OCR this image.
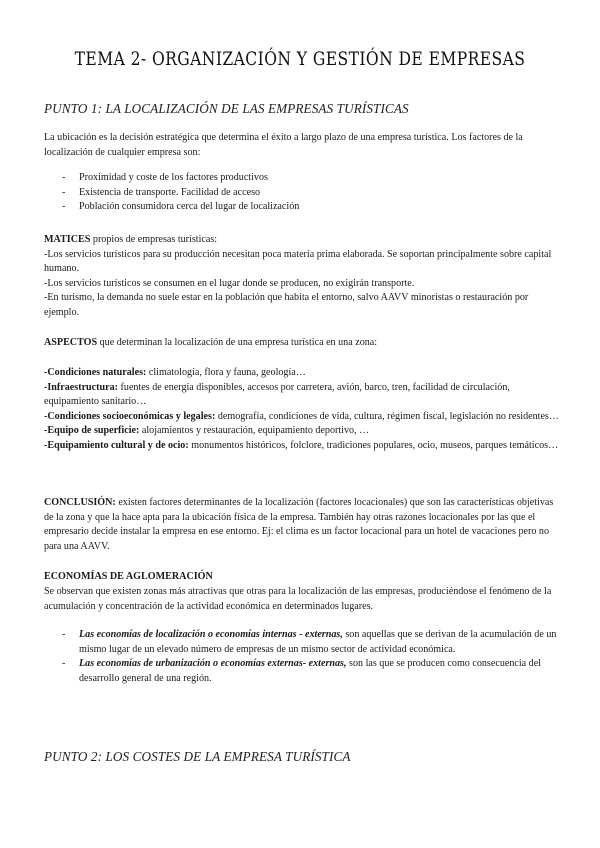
TEMA 2- ORGANIZACIÓN Y GESTIÓN DE EMPRESAS
PUNTO 1: LA LOCALIZACIÓN DE LAS EMPRESAS TURÍSTICAS

La ubicación es la decisión estratégica que determina el éxito a largo plazo de una empresa turística. Los factores de la localización de cualquier empresa son:

- Proximidad y coste de los factores productivos
- Existencia de transporte. Facilidad de acceso
- Población consumidora cerca del lugar de localización
MATICES propios de empresas turísticas:
-Los servicios turísticos para su producción necesitan poca materia prima elaborada. Se soportan principalmente sobre capital humano.
-Los servicios turísticos se consumen en el lugar donde se producen, no exigirán transporte.
-En turismo, la demanda no suele estar en la población que habita el entorno, salvo AAVV minoristas o restauración por ejemplo.

ASPECTOS que determinan la localización de una empresa turística en una zona:

-Condiciones naturales: climatología, flora y fauna, geología…
-Infraestructura: fuentes de energía disponibles, accesos por carretera, avión, barco, tren, facilidad de circulación, equipamiento sanitario…
-Condiciones socioeconómicas y legales: demografía, condiciones de vida, cultura, régimen fiscal, legislación no residentes…
-Equipo de superficie: alojamientos y restauración, equipamiento deportivo, …
-Equipamiento cultural y de ocio: monumentos históricos, folclore, tradiciones populares, ocio, museos, parques temáticos…

CONCLUSIÓN: existen factores determinantes de la localización (factores locacionales) que son las características objetivas de la zona y que la hace apta para la ubicación física de la empresa. También hay otras razones locacionales por las que el empresario decide instalar la empresa en ese entorno. Ej: el clima es un factor locacional para un hotel de vacaciones pero no para una AAVV.

ECONOMÍAS DE AGLOMERACIÓN

Se observan que existen zonas más atractivas que otras para la localización de las empresas, produciéndose el fenómeno de la acumulación y concentración de la actividad económica en determinados lugares.

- Las economías de localización o economías internas - externas, son aquellas que se derivan de la acumulación de un mismo lugar de un elevado número de empresas de un mismo sector de actividad económica.
- Las economías de urbanización o economías externas- externas, son las que se producen como consecuencia del desarrollo general de una región.
PUNTO 2: LOS COSTES DE LA EMPRESA TURÍSTICA
